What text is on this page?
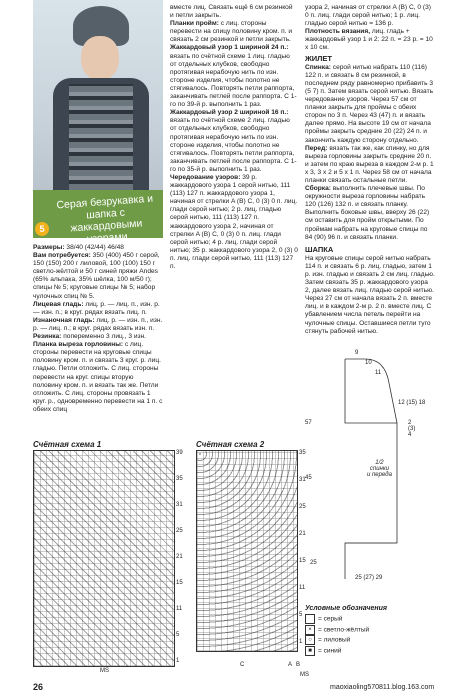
5
Серая безрукавка и шапка с жаккардовыми узорами

Размеры: 38/40 (42/44) 46/48

Вам потребуется: 350 (400) 450 г серой, 150 (150) 200 г лиловой, 100 (100) 150 г светло-жёлтой и 50 г синей пряжи Andes (65% альпака, 35% шёлка, 100 м/50 г); спицы № 5; круговые спицы № 5; набор чулочных спиц № 5.

Лицевая гладь: лиц. р. — лиц. п., изн. р. — изн. п.; в круг. рядах вязать лиц. п.

Изнаночная гладь: лиц. р. — изн. п., изн. р. — лиц. п.; в круг. рядах вязать изн. п.

Резинка: попеременно 3 лиц., 3 изн.

Планка выреза горловины: с лиц. стороны перевести на круговые спицы половину кром. п. и связать 3 круг. р. лиц. гладью. Петли отложить. С лиц. стороны перевести на круг. спицы вторую половину кром. п. и вязать так же. Петли отложить. С лиц. стороны провязать 1 круг. р., одновременно перевести на 1 п. с обеих спиц

вместе лиц. Связать ещё 6 см резинкой и петли закрыть.

Планки пройм: с лиц. стороны перевести на спицу половину кром. п. и связать 2 см резинкой и петли закрыть.

Жаккардовый узор 1 шириной 24 п.: вязать по счётной схеме 1 лиц. гладью от отдельных клубков, свободно протягивая нерабочую нить по изн. стороне изделия, чтобы полотно не стягивалось. Повторять петли раппорта, заканчивать петлей после раппорта. С 1-го по 39-й р. выполнить 1 раз.

Жаккардовый узор 2 шириной 16 п.: вязать по счётной схеме 2 лиц. гладью от отдельных клубков, свободно протягивая нерабочую нить по изн. стороне изделия, чтобы полотно не стягивалось. Повторять петли раппорта, заканчивать петлей после раппорта. С 1-го по 35-й р. выполнить 1 раз.

Чередование узоров: 39 р. жаккардового узора 1 серой нитью, 111 (113) 127 п. жаккардового узора 1, начиная от стрелки A (B) C, 0 (3) 0 п. лиц. глади серой нитью; 2 р. лиц. гладью серой нитью, 111 (113) 127 п. жаккардового узора 2, начиная от стрелки A (B) C, 0 (3) 0 п. лиц. глади серой нитью; 4 р. лиц. глади серой нитью; 35 р. жаккардового узора 2, 0 (3) 0 п. лиц. глади серой нитью, 111 (113) 127 п.

узора 2, начиная от стрелки A (B) C, 0 (3) 0 п. лиц. глади серой нитью; 1 р. лиц. гладью серой нитью = 136 р.

Плотность вязания, лиц. гладь + жаккардовый узор 1 и 2: 22 п. = 23 р. = 10 x 10 см.

ЖИЛЕТ

Спинка: серой нитью набрать 110 (116) 122 п. и связать 8 см резинкой, в последнем ряду равномерно прибавить 3 (5 7) п. Затем вязать серой нитью. Вязать чередование узоров. Через 57 см от планки закрыть для проймы с обеих сторон по 3 п. Через 43 (47) п. и вязать далее прямо. На высоте 19 см от начала проймы закрыть средние 20 (22) 24 п. и закончить каждую сторону отдельно.

Перед: вязать так же, как спинку, но для выреза горловины закрыть средние 20 п. и затем по краю выреза в каждом 2-м р. 1 x 3, 3 x 2 и 5 x 1 п. Через 58 см от начала планки связать остальные петли.

Сборка: выполнить плечевые швы. По окружности выреза горловины набрать 120 (126) 132 п. и связать планку. Выполнить боковые швы, вверху 26 (22) см оставить для пройм открытыми. По проймам набрать на круговые спицы по 84 (90) 96 п. и связать планки.

ШАПКА

На круговые спицы серой нитью набрать 114 п. и связать 6 р. лиц. гладью, затем 1 р. изн. гладью и связать 2 см лиц. гладью. Затем связать 35 р. жаккардового узора 2, далее вязать лиц. гладью серой нитью. Через 27 см от начала вязать 2 п. вместе лиц. и в каждом 2-м р. 2 п. вместе лиц. С убавлением числа петель перейти на чулочные спицы. Оставшиеся петли туго стянуть рабочей нитью.

Счётная схема 1
39
35
31
25
21
15
11
5
1
MS
Счётная схема 2
35
31
25
21
15
11
5
1
C	A B
MS
57
45
25
9
10
11
1/2
спинки
и переда
25 (27) 29
12 (15) 18
2
(3)
4
Условные обозначения
= серый
× = светло-жёлтый
○ = лиловый
■ = синий
26	maoxiaoling570811.blog.163.com
